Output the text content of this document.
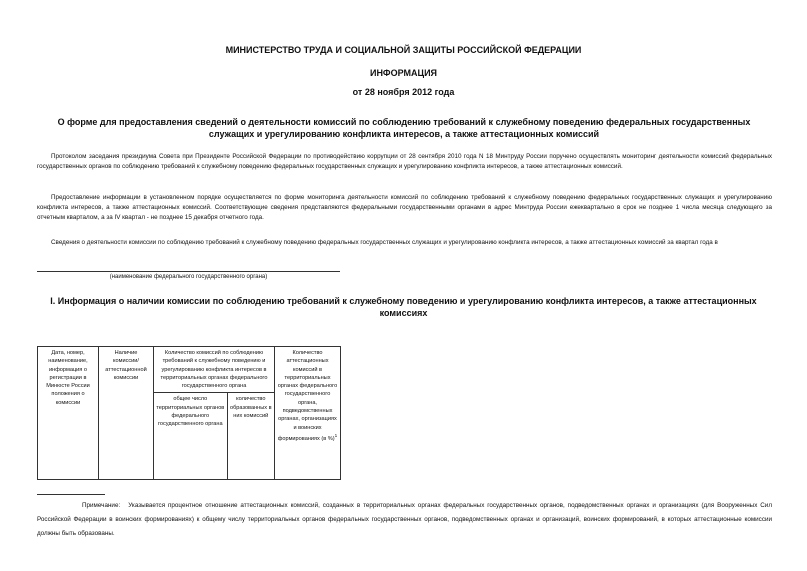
МИНИСТЕРСТВО ТРУДА И СОЦИАЛЬНОЙ ЗАЩИТЫ РОССИЙСКОЙ ФЕДЕРАЦИИ
ИНФОРМАЦИЯ
от 28 ноября 2012 года
О форме для предоставления сведений о деятельности комиссий по соблюдению требований к служебному поведению федеральных государственных служащих и урегулированию конфликта интересов, а также аттестационных комиссий
Протоколом заседания президиума Совета при Президенте Российской Федерации по противодействию коррупции от 28 сентября 2010 года N 18 Минтруду России поручено осуществлять мониторинг деятельности комиссий федеральных государственных органов по соблюдению требований к служебному поведению федеральных государственных служащих и урегулированию конфликта интересов, а также аттестационных комиссий.
Предоставление информации в установленном порядке осуществляется по форме мониторинга деятельности комиссий по соблюдению требований к служебному поведению федеральных государственных служащих и урегулированию конфликта интересов, а также аттестационных комиссий. Соответствующие сведения представляются федеральными государственными органами в адрес Минтруда России ежеквартально в срок не позднее 1 числа месяца следующего за отчетным кварталом, а за IV квартал - не позднее 15 декабря отчетного года.
Сведения о деятельности комиссии по соблюдению требований к служебному поведению федеральных государственных служащих и урегулированию конфликта интересов, а также аттестационных комиссий за квартал года в
(наименование федерального государственного органа)
I. Информация о наличии комиссии по соблюдению требований к служебному поведению и урегулированию конфликта интересов, а также аттестационных комиссиях
Дата, номер, наименование, информация о регистрации в Минюсте России положения о комиссии	Наличие комиссии/ аттестационной комиссии	Количество комиссий по соблюдению требований к служебному поведению и урегулированию конфликта интересов в территориальных органах федерального государственного органа		Количество аттестационных комиссий в территориальных органах федерального государственного органа, подведомственных органах, организациях и воинских формированиях (в %)$^1$
		общее число территориальных органов федерального государственного органа	количество образованных в них комиссий	
Примечание: Указывается процентное отношение аттестационных комиссий, созданных в территориальных органах федеральных государственных органов, подведомственных органах и организациях (для Вооруженных Сил Российской Федерации в воинских формированиях) к общему числу территориальных органов федеральных государственных органов, подведомственных органах и организаций, воинских формирований, в которых аттестационные комиссии должны быть образованы.
